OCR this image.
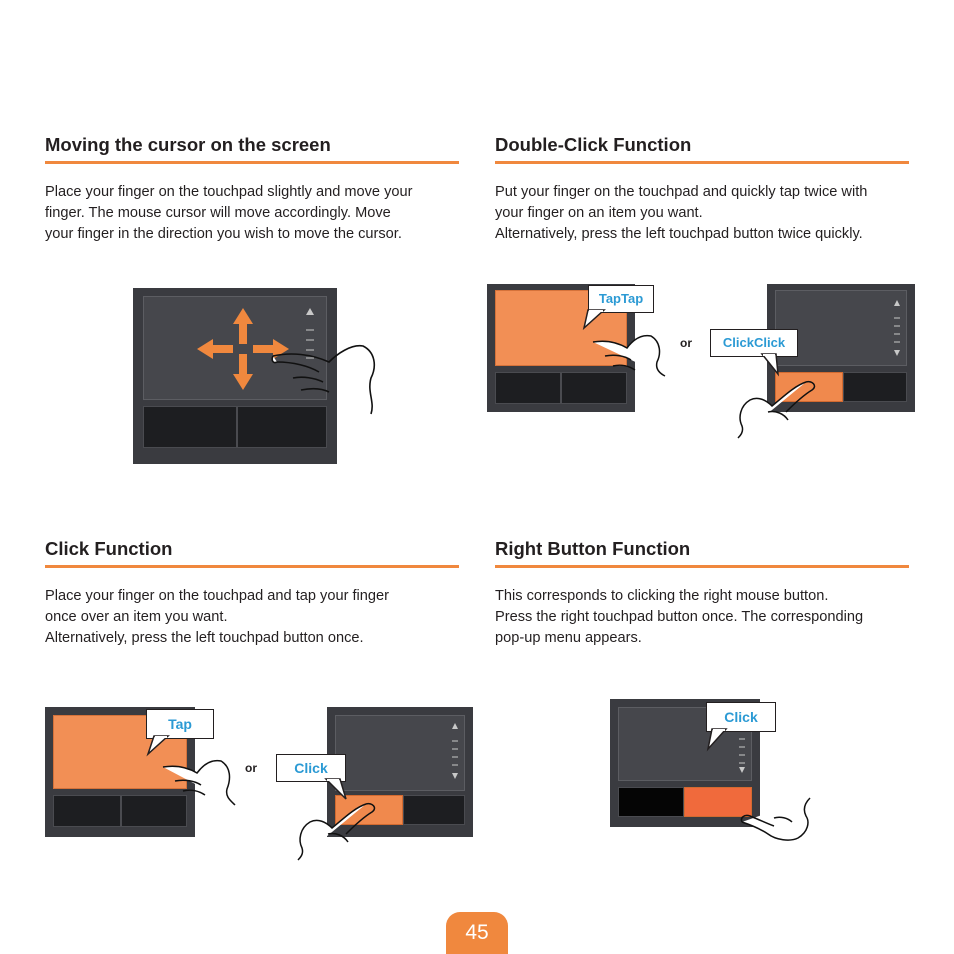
Moving the cursor on the screen

Place your finger on the touchpad slightly and move your
finger. The mouse cursor will move accordingly. Move
your finger in the direction you wish to move the cursor.

Double-Click Function

Put your finger on the touchpad and quickly tap twice with
your finger on an item you want.
Alternatively, press the left touchpad button twice quickly.

TapTap
or	ClickClick
Click Function

Place your finger on the touchpad and tap your finger
once over an item you want.
Alternatively, press the left touchpad button once.

Tap
or	Click
Right Button Function

This corresponds to clicking the right mouse button.
Press the right touchpad button once. The corresponding
pop-up menu appears.

Click
45
